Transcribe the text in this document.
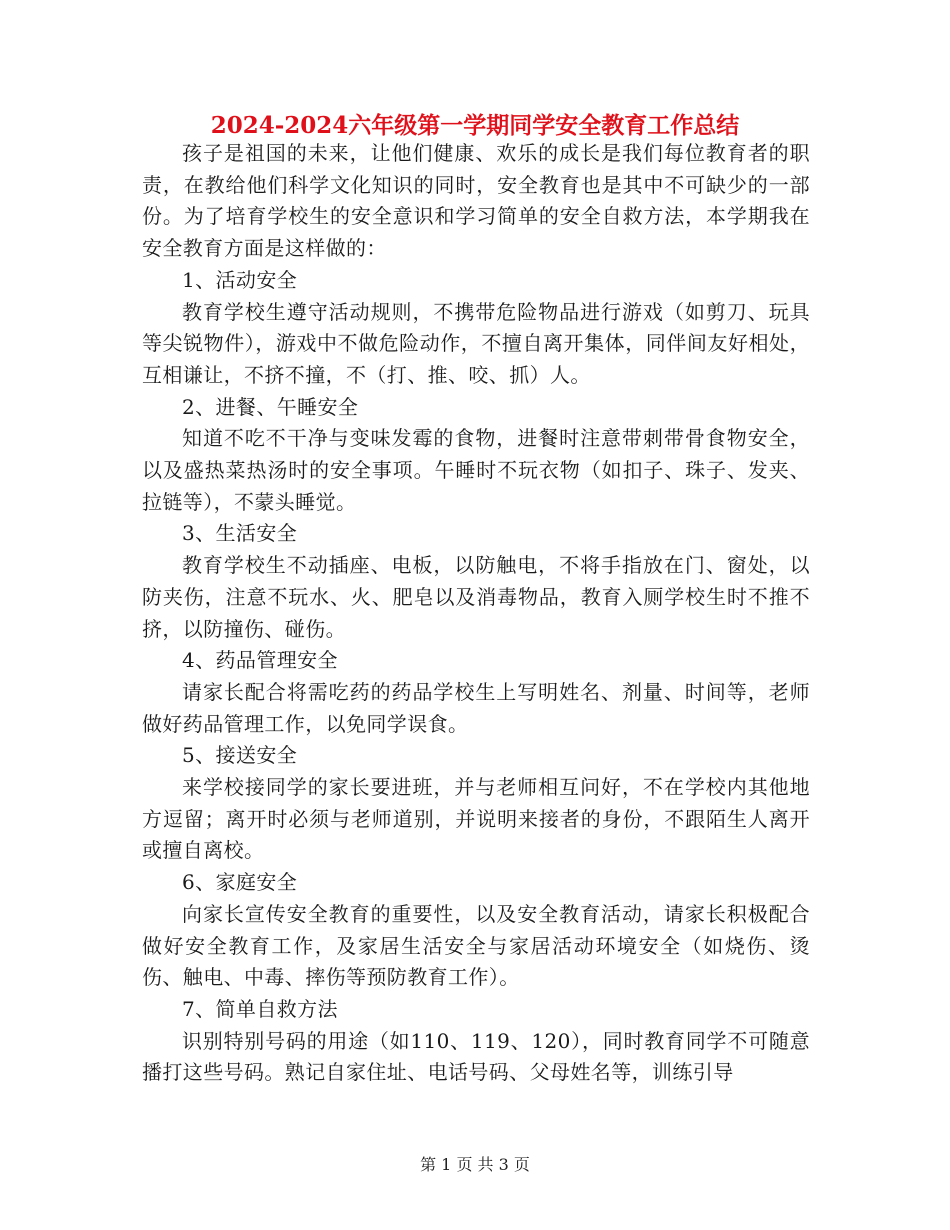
2024-2024六年级第一学期同学安全教育工作总结

孩子是祖国的未来，让他们健康、欢乐的成长是我们每位教育者的职责，在教给他们科学文化知识的同时，安全教育也是其中不可缺少的一部份。为了培育学校生的安全意识和学习简单的安全自救方法，本学期我在安全教育方面是这样做的：

1、活动安全

教育学校生遵守活动规则，不携带危险物品进行游戏（如剪刀、玩具等尖锐物件），游戏中不做危险动作，不擅自离开集体，同伴间友好相处，互相谦让，不挤不撞，不（打、推、咬、抓）人。

2、进餐、午睡安全

知道不吃不干净与变味发霉的食物，进餐时注意带刺带骨食物安全，以及盛热菜热汤时的安全事项。午睡时不玩衣物（如扣子、珠子、发夹、拉链等），不蒙头睡觉。

3、生活安全

教育学校生不动插座、电板，以防触电，不将手指放在门、窗处，以防夹伤，注意不玩水、火、肥皂以及消毒物品，教育入厕学校生时不推不挤，以防撞伤、碰伤。

4、药品管理安全

请家长配合将需吃药的药品学校生上写明姓名、剂量、时间等，老师做好药品管理工作，以免同学误食。

5、接送安全

来学校接同学的家长要进班，并与老师相互问好，不在学校内其他地方逗留；离开时必须与老师道别，并说明来接者的身份，不跟陌生人离开或擅自离校。

6、家庭安全

向家长宣传安全教育的重要性，以及安全教育活动，请家长积极配合做好安全教育工作，及家居生活安全与家居活动环境安全（如烧伤、烫伤、触电、中毒、摔伤等预防教育工作）。

7、简单自救方法

识别特别号码的用途（如110、119、120），同时教育同学不可随意播打这些号码。熟记自家住址、电话号码、父母姓名等，训练引导

第 1 页 共 3 页
